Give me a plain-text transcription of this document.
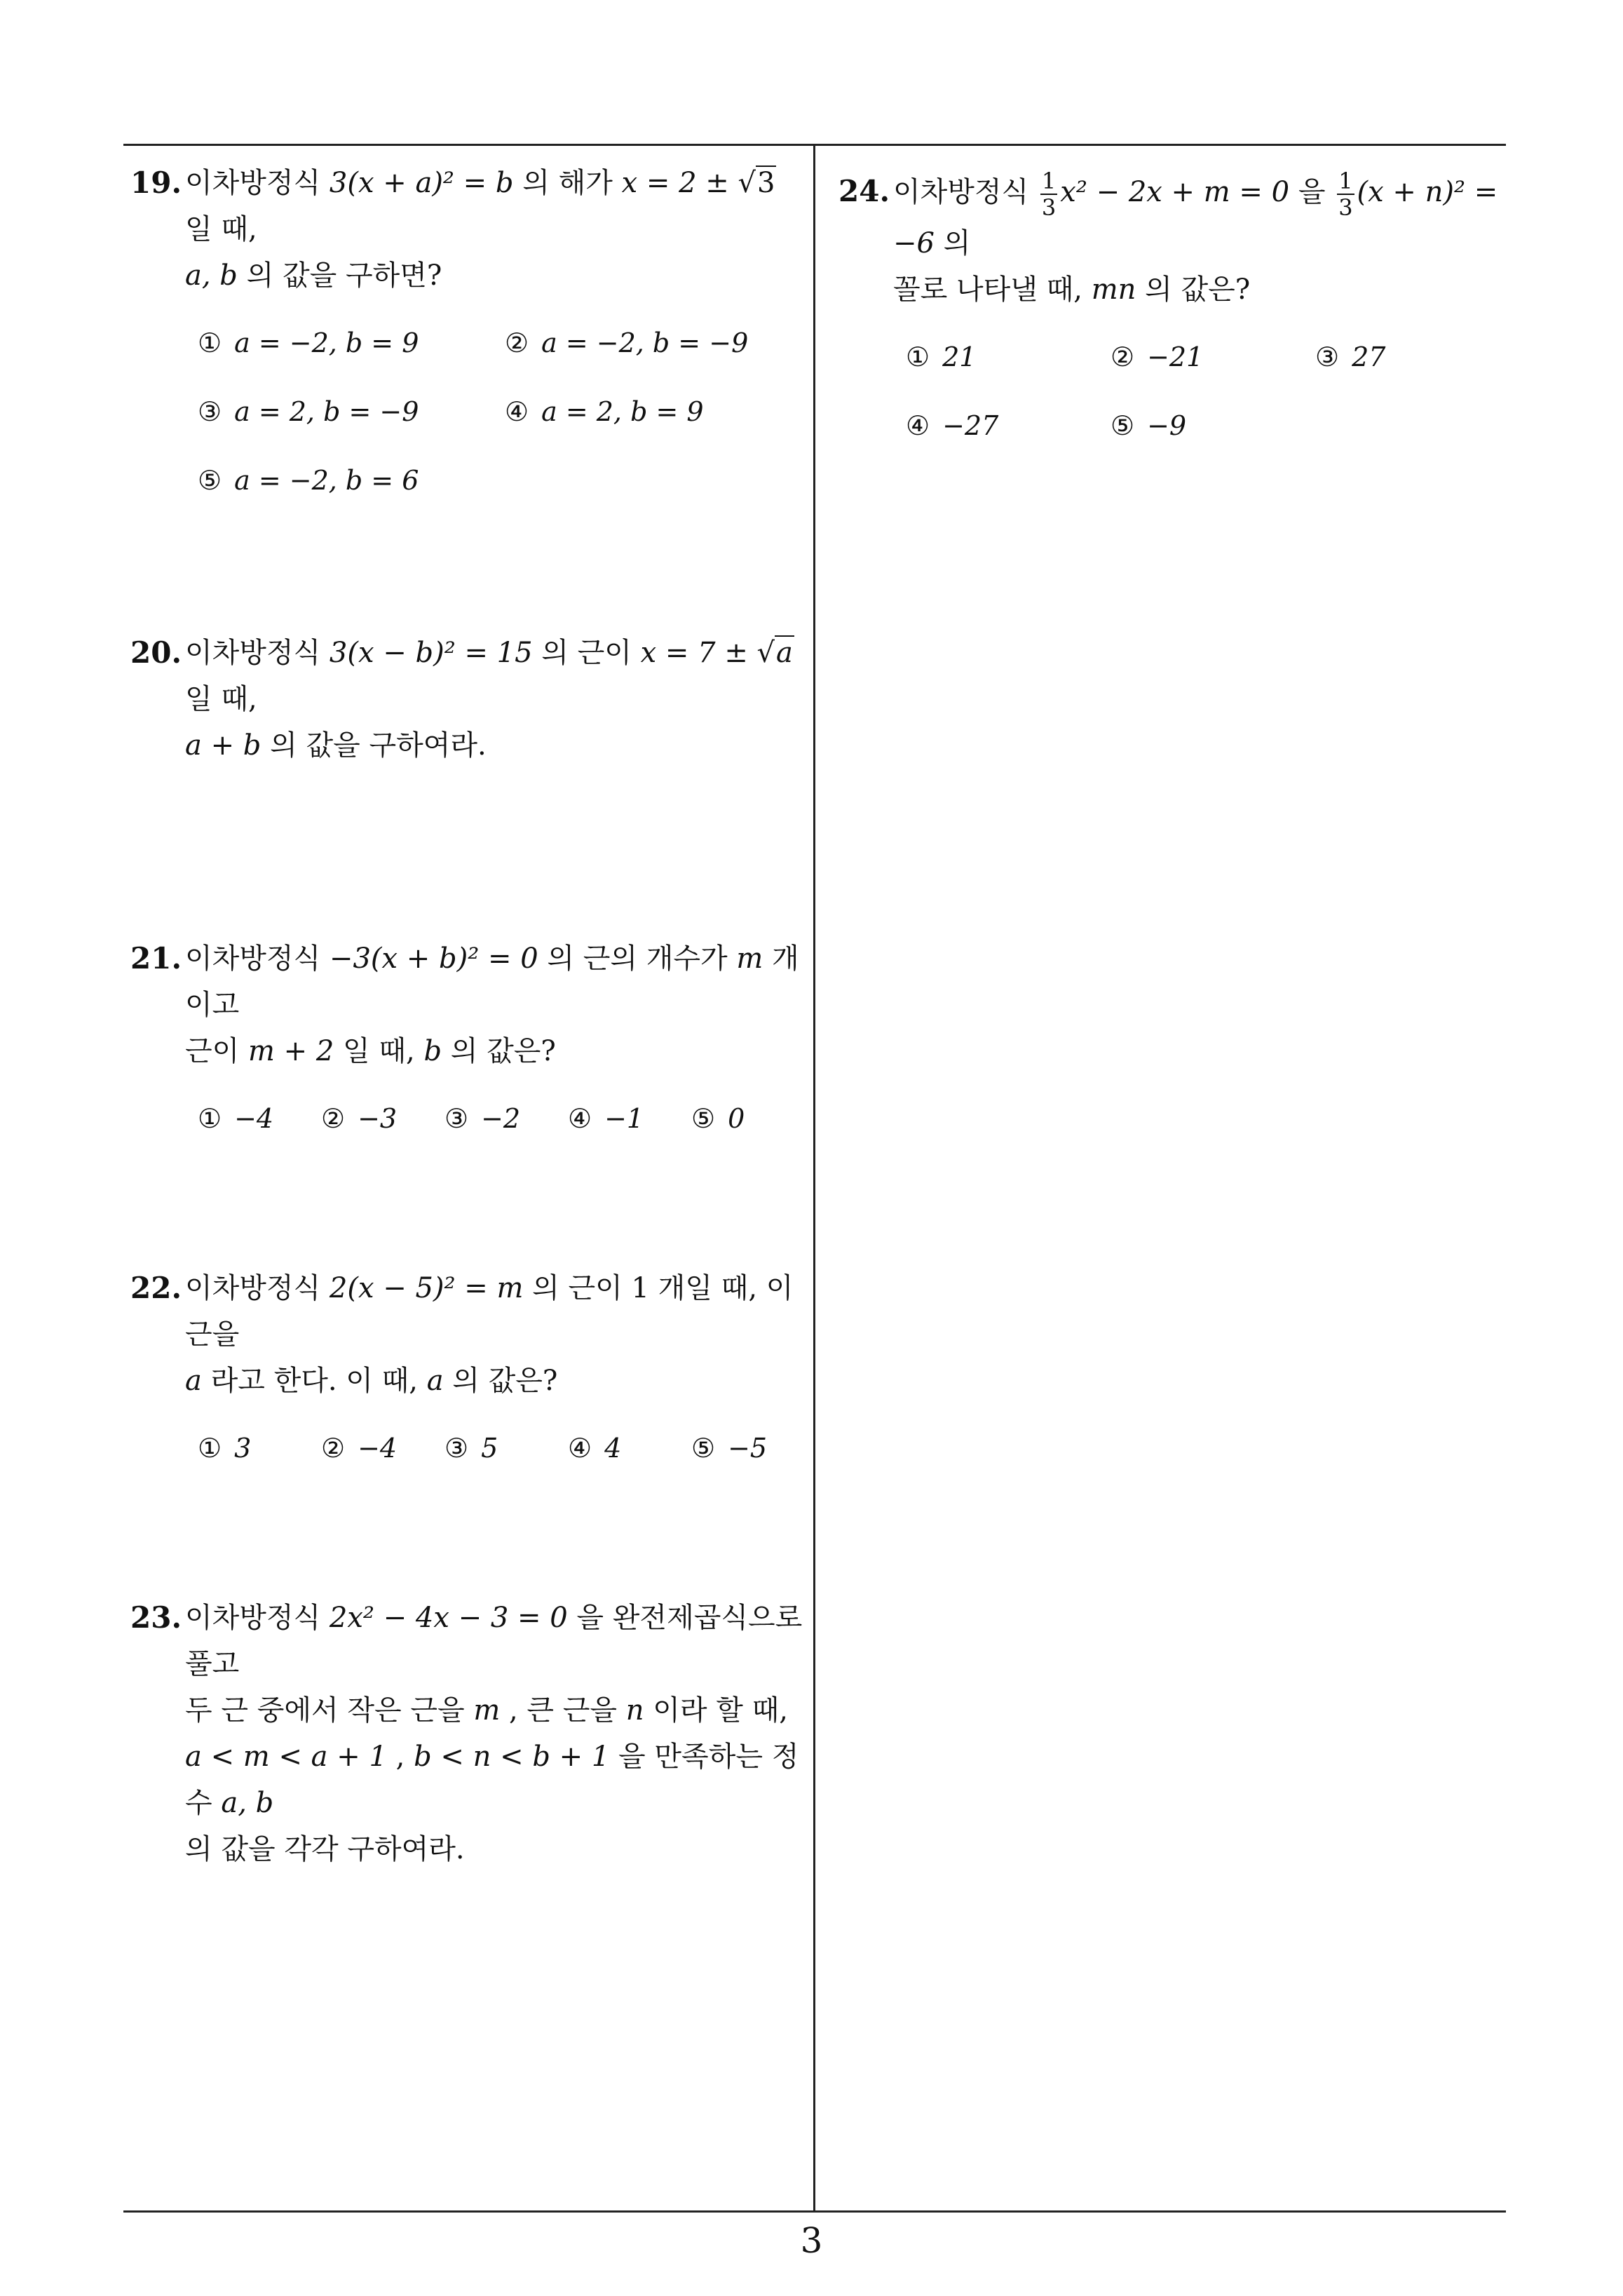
19. 이차방정식 3(x + a)² = b 의 해가 x = 2 ± √3 일 때,
a, b 의 값을 구하면?
① a = −2, b = 9	② a = −2, b = −9
③ a = 2, b = −9	④ a = 2, b = 9
⑤ a = −2, b = 6
20. 이차방정식 3(x − b)² = 15 의 근이 x = 7 ± √a 일 때,
a + b 의 값을 구하여라.
21. 이차방정식 −3(x + b)² = 0 의 근의 개수가 m 개이고
근이 m + 2 일 때, b 의 값은?
① −4 ② −3 ③ −2 ④ −1 ⑤ 0
22. 이차방정식 2(x − 5)² = m 의 근이 1 개일 때, 이 근을
a 라고 한다. 이 때, a 의 값은?
① 3	② −4 ③ 5	④ 4	⑤ −5
23. 이차방정식 2x² − 4x − 3 = 0 을 완전제곱식으로 풀고
두 근 중에서 작은 근을 m , 큰 근을 n 이라 할 때,
a < m < a + 1 , b < n < b + 1 을 만족하는 정수 a, b
의 값을 각각 구하여라.
24. 이차방정식 $\frac{1}{3} x^2 - 2x + m = 0$ 을 $\frac{1}{3} (x + n)^2 = -6$ 의
꼴로 나타낼 때, mn 의 값은?
① 21	② −21	③ 27
④ −27	⑤ −9
3
